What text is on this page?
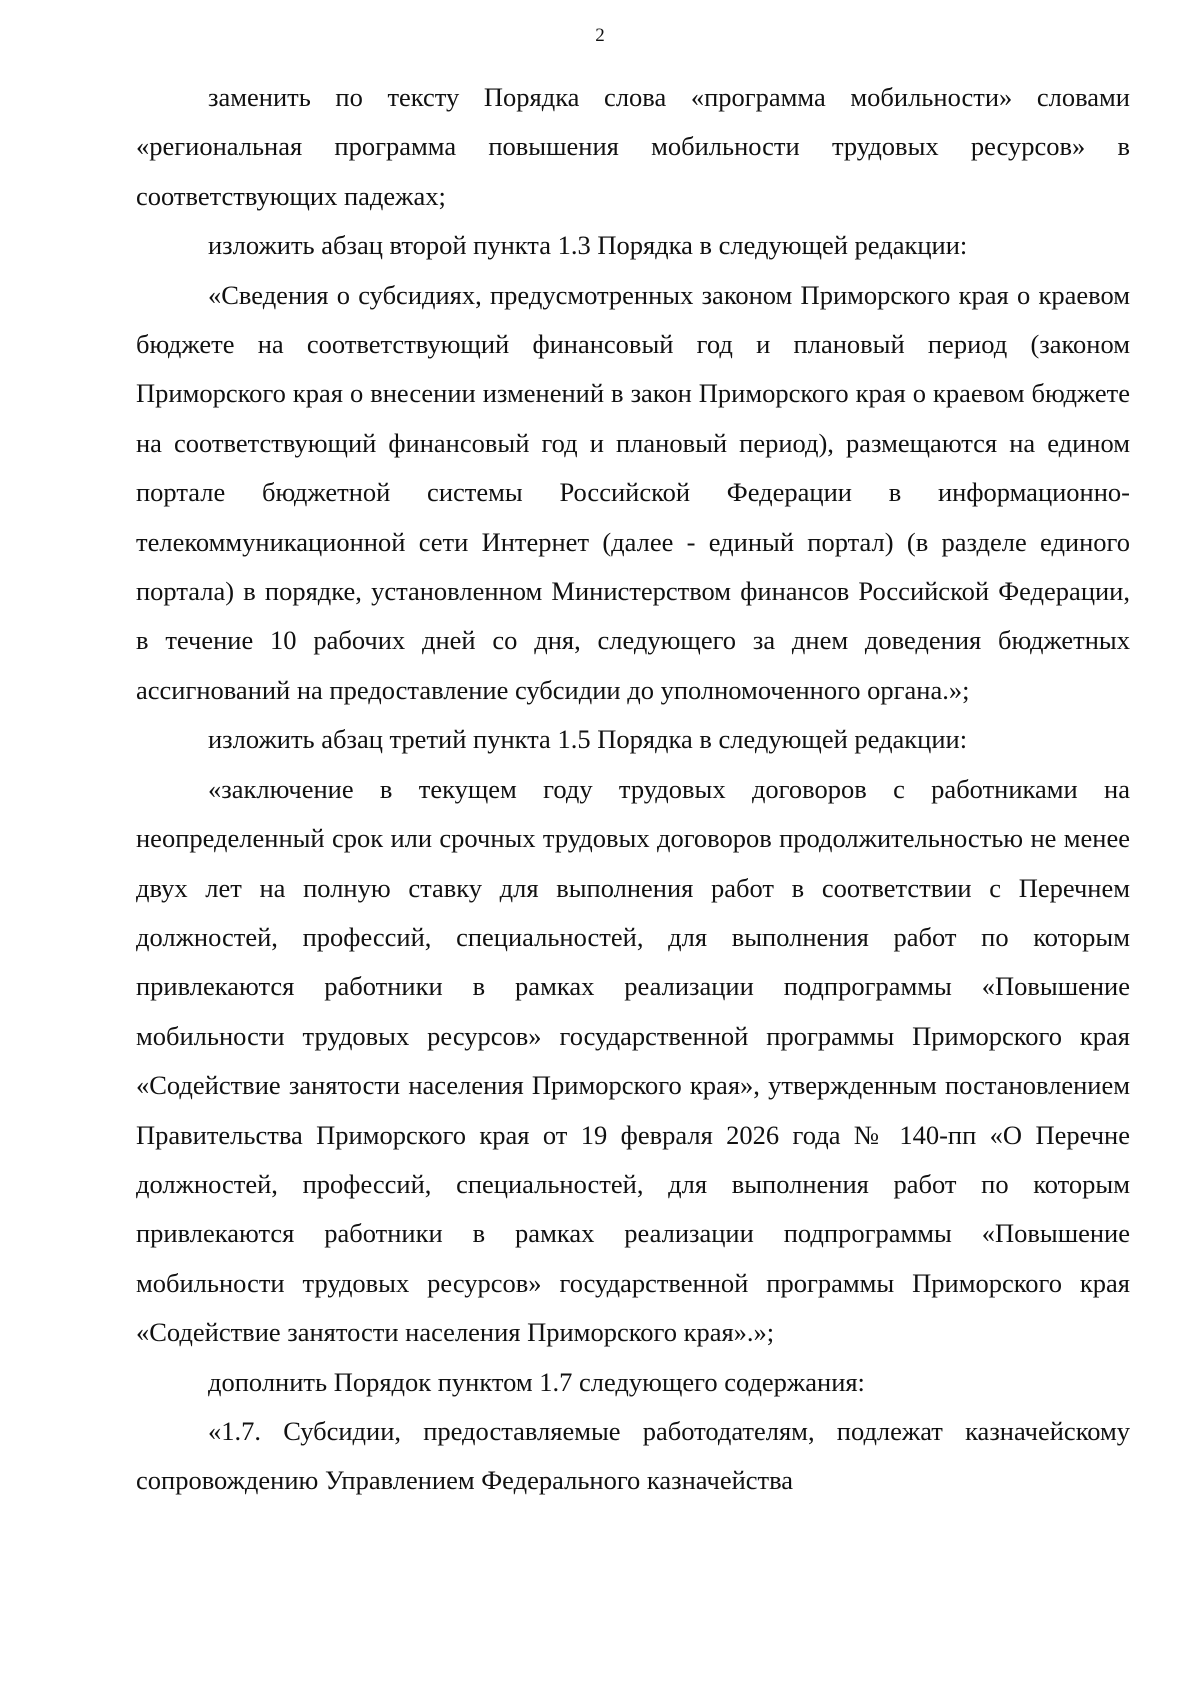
2

заменить по тексту Порядка слова «программа мобильности» словами «региональная программа повышения мобильности трудовых ресурсов» в соответствующих падежах;

изложить абзац второй пункта 1.3 Порядка в следующей редакции:

«Сведения о субсидиях, предусмотренных законом Приморского края о краевом бюджете на соответствующий финансовый год и плановый период (законом Приморского края о внесении изменений в закон Приморского края о краевом бюджете на соответствующий финансовый год и плановый период), размещаются на едином портале бюджетной системы Российской Федерации в информационно-телекоммуникационной сети Интернет (далее - единый портал) (в разделе единого портала) в порядке, установленном Министерством финансов Российской Федерации, в течение 10 рабочих дней со дня, следующего за днем доведения бюджетных ассигнований на предоставление субсидии до уполномоченного органа.»;

изложить абзац третий пункта 1.5 Порядка в следующей редакции:

«заключение в текущем году трудовых договоров с работниками на неопределенный срок или срочных трудовых договоров продолжительностью не менее двух лет на полную ставку для выполнения работ в соответствии с Перечнем должностей, профессий, специальностей, для выполнения работ по которым привлекаются работники в рамках реализации подпрограммы «Повышение мобильности трудовых ресурсов» государственной программы Приморского края «Содействие занятости населения Приморского края», утвержденным постановлением Правительства Приморского края от 19 февраля 2026 года № 140-пп «О Перечне должностей, профессий, специальностей, для выполнения работ по которым привлекаются работники в рамках реализации подпрограммы «Повышение мобильности трудовых ресурсов» государственной программы Приморского края «Содействие занятости населения Приморского края».»;

дополнить Порядок пунктом 1.7 следующего содержания:

«1.7. Субсидии, предоставляемые работодателям, подлежат казначейскому сопровождению Управлением Федерального казначейства
